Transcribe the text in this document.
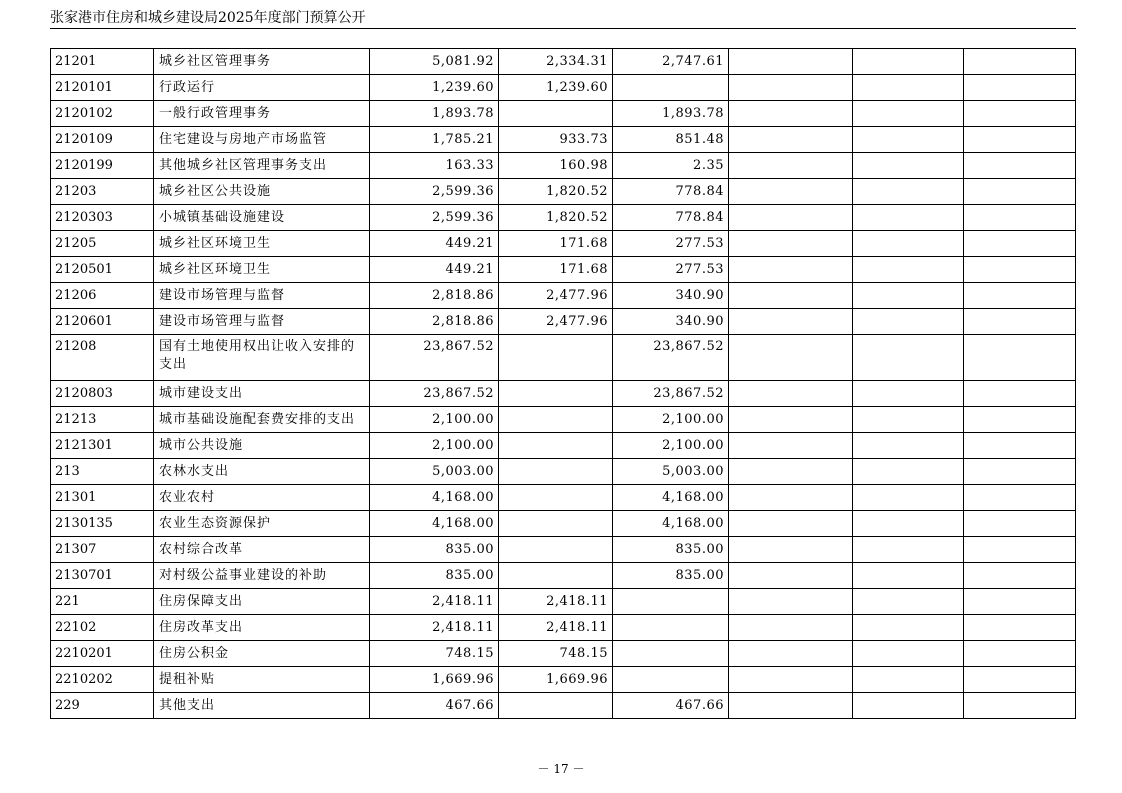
张家港市住房和城乡建设局2025年度部门预算公开
21201	城乡社区管理事务	5,081.92	2,334.31	2,747.61			
2120101	行政运行	1,239.60	1,239.60				
2120102	一般行政管理事务	1,893.78		1,893.78			
2120109	住宅建设与房地产市场监管	1,785.21	933.73	851.48			
2120199	其他城乡社区管理事务支出	163.33	160.98	2.35			
21203	城乡社区公共设施	2,599.36	1,820.52	778.84			
2120303	小城镇基础设施建设	2,599.36	1,820.52	778.84			
21205	城乡社区环境卫生	449.21	171.68	277.53			
2120501	城乡社区环境卫生	449.21	171.68	277.53			
21206	建设市场管理与监督	2,818.86	2,477.96	340.90			
2120601	建设市场管理与监督	2,818.86	2,477.96	340.90			
21208	国有土地使用权出让收入安排的支出	23,867.52		23,867.52			
2120803	城市建设支出	23,867.52		23,867.52			
21213	城市基础设施配套费安排的支出	2,100.00		2,100.00			
2121301	城市公共设施	2,100.00		2,100.00			
213	农林水支出	5,003.00		5,003.00			
21301	农业农村	4,168.00		4,168.00			
2130135	农业生态资源保护	4,168.00		4,168.00			
21307	农村综合改革	835.00		835.00			
2130701	对村级公益事业建设的补助	835.00		835.00			
221	住房保障支出	2,418.11	2,418.11				
22102	住房改革支出	2,418.11	2,418.11				
2210201	住房公积金	748.15	748.15				
2210202	提租补贴	1,669.96	1,669.96				
229	其他支出	467.66		467.66			
－ 17 －
